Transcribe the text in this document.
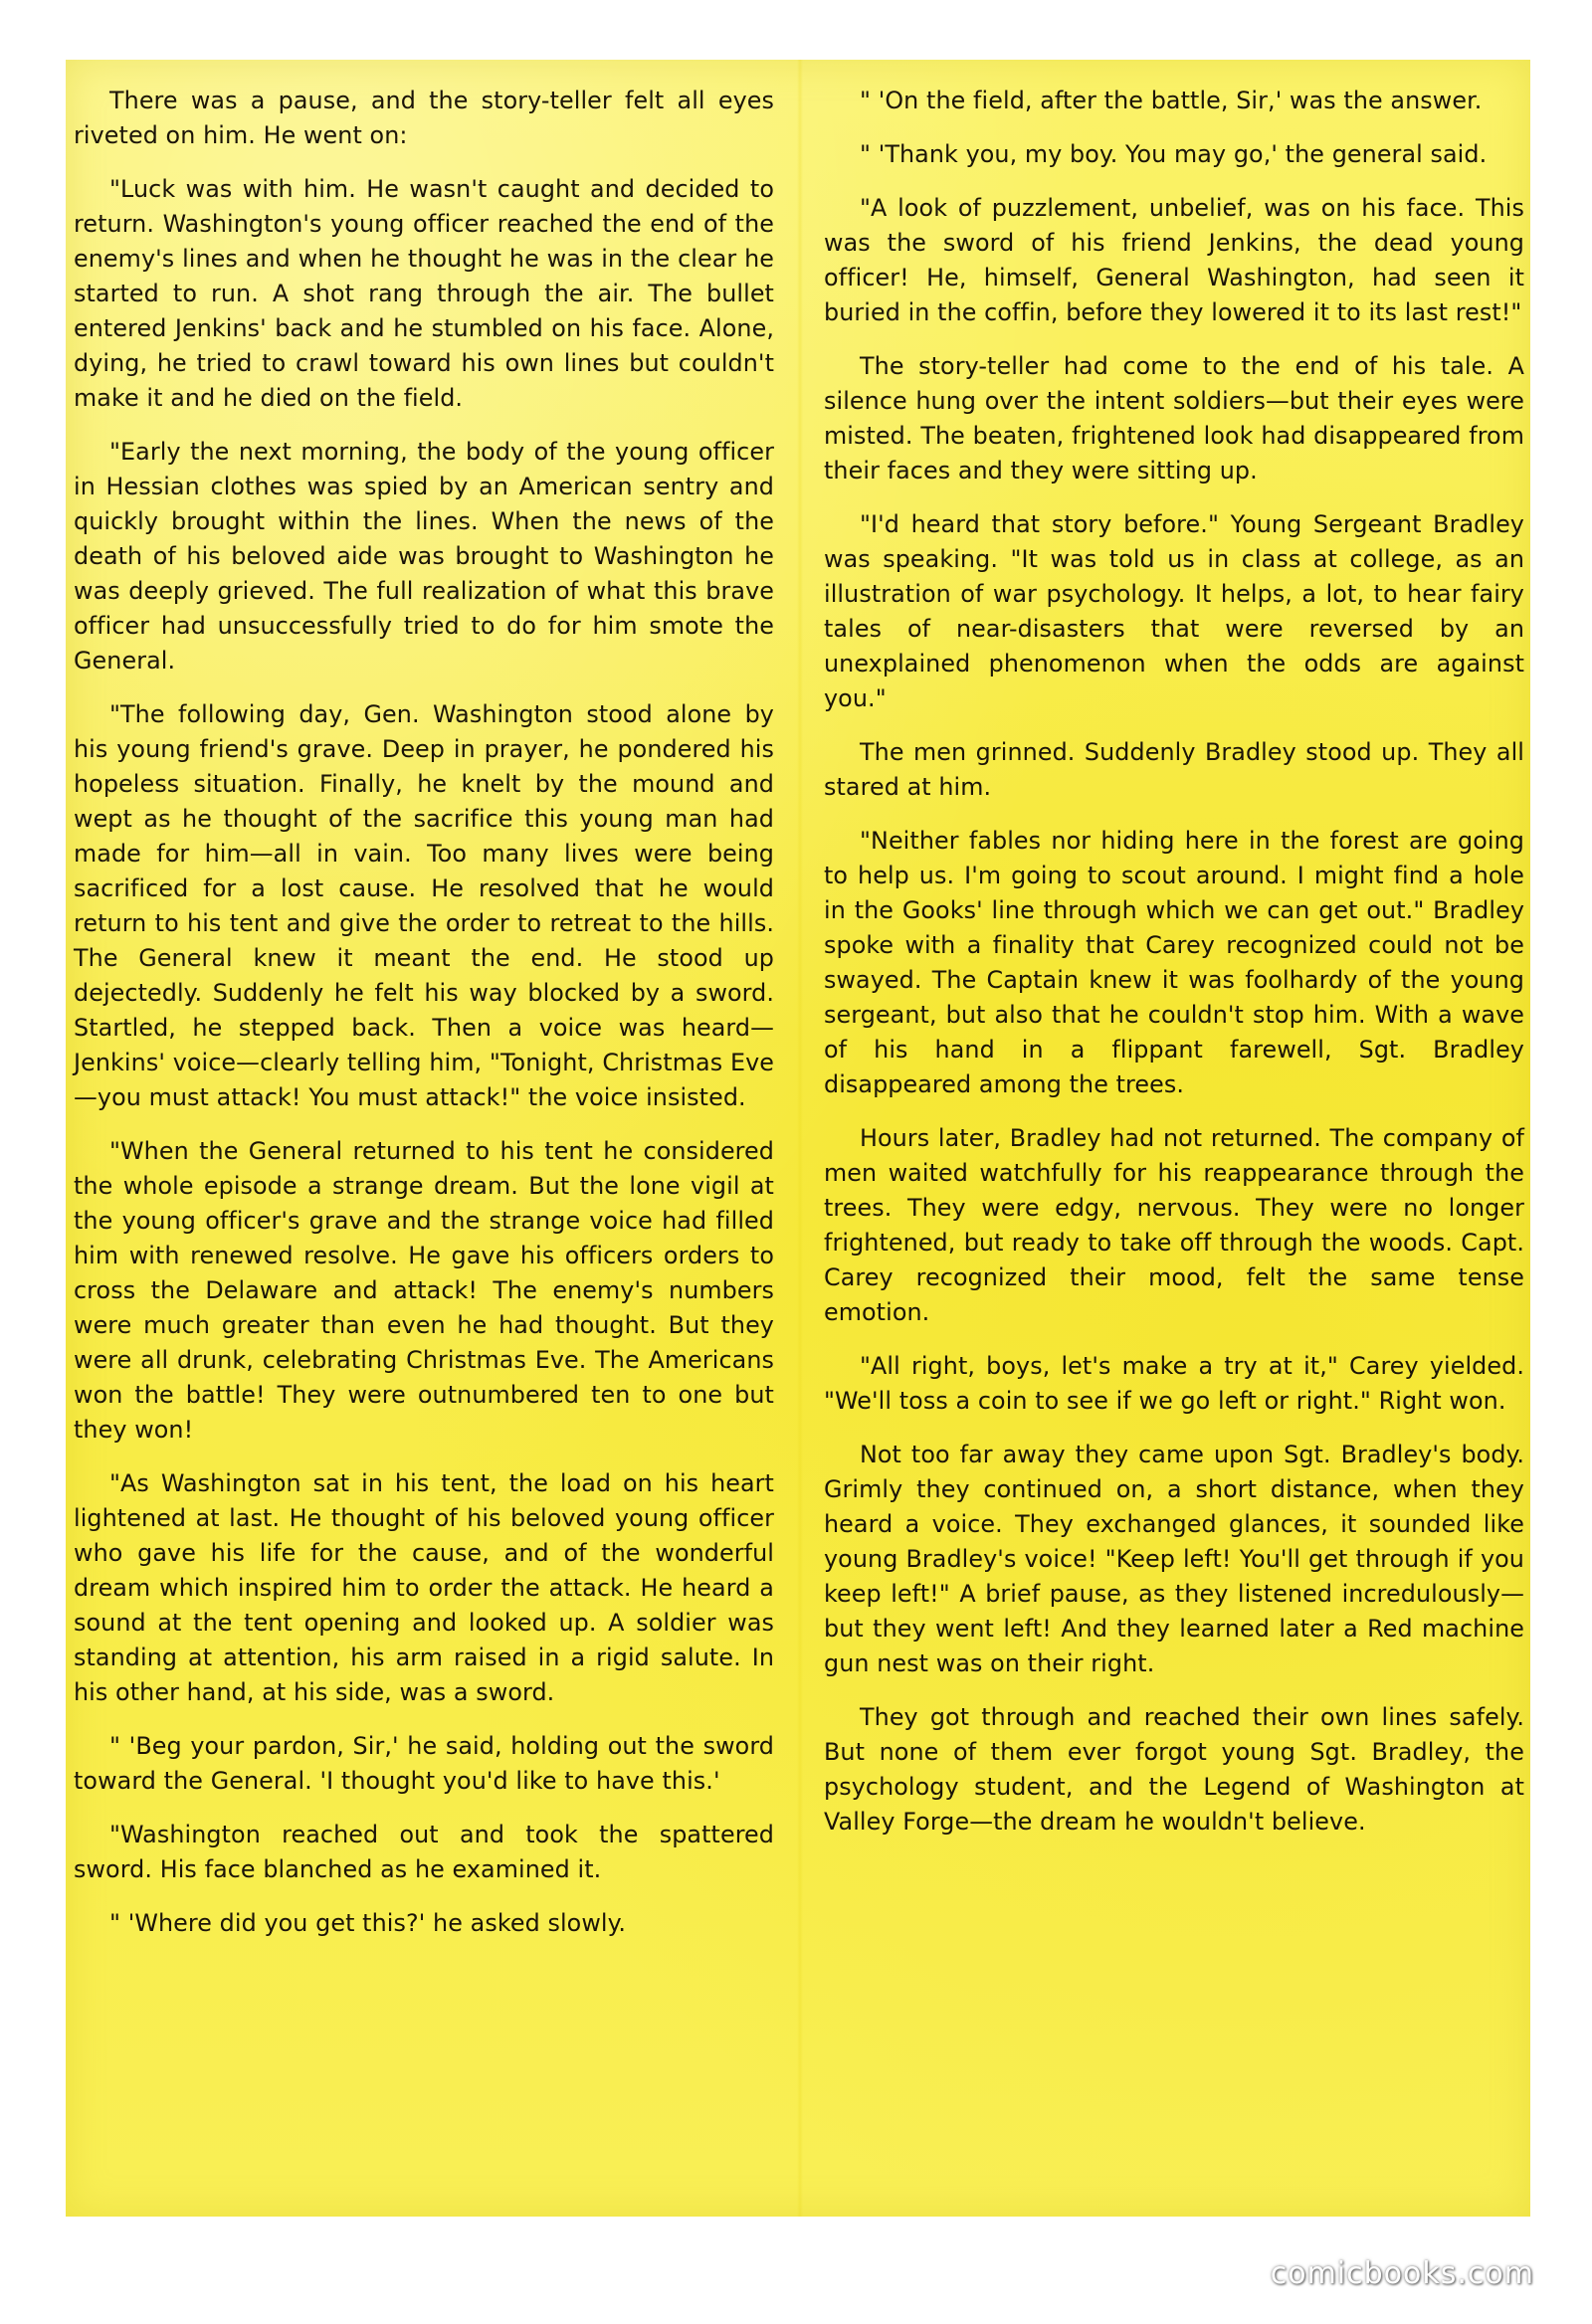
There was a pause, and the story-teller felt all eyes riveted on him. He went on:

"Luck was with him. He wasn't caught and decided to return. Washington's young officer reached the end of the enemy's lines and when he thought he was in the clear he started to run. A shot rang through the air. The bullet entered Jenkins' back and he stumbled on his face. Alone, dying, he tried to crawl toward his own lines but couldn't make it and he died on the field.

"Early the next morning, the body of the young officer in Hessian clothes was spied by an American sentry and quickly brought within the lines. When the news of the death of his beloved aide was brought to Washington he was deeply grieved. The full realization of what this brave officer had unsuccessfully tried to do for him smote the General.

"The following day, Gen. Washington stood alone by his young friend's grave. Deep in prayer, he pondered his hopeless situation. Finally, he knelt by the mound and wept as he thought of the sacrifice this young man had made for him—all in vain. Too many lives were being sacrificed for a lost cause. He resolved that he would return to his tent and give the order to retreat to the hills. The General knew it meant the end. He stood up dejectedly. Suddenly he felt his way blocked by a sword. Startled, he stepped back. Then a voice was heard—Jenkins' voice—clearly telling him, "Tonight, Christmas Eve—you must attack! You must attack!" the voice insisted.

"When the General returned to his tent he considered the whole episode a strange dream. But the lone vigil at the young officer's grave and the strange voice had filled him with renewed resolve. He gave his officers orders to cross the Delaware and attack! The enemy's numbers were much greater than even he had thought. But they were all drunk, celebrating Christmas Eve. The Americans won the battle! They were outnumbered ten to one but they won!

"As Washington sat in his tent, the load on his heart lightened at last. He thought of his beloved young officer who gave his life for the cause, and of the wonderful dream which inspired him to order the attack. He heard a sound at the tent opening and looked up. A soldier was standing at attention, his arm raised in a rigid salute. In his other hand, at his side, was a sword.

" 'Beg your pardon, Sir,' he said, holding out the sword toward the General. 'I thought you'd like to have this.'

"Washington reached out and took the spattered sword. His face blanched as he examined it.

" 'Where did you get this?' he asked slowly.

" 'On the field, after the battle, Sir,' was the answer.

" 'Thank you, my boy. You may go,' the general said.

"A look of puzzlement, unbelief, was on his face. This was the sword of his friend Jenkins, the dead young officer! He, himself, General Washington, had seen it buried in the coffin, before they lowered it to its last rest!"

The story-teller had come to the end of his tale. A silence hung over the intent soldiers—but their eyes were misted. The beaten, frightened look had disappeared from their faces and they were sitting up.

"I'd heard that story before." Young Sergeant Bradley was speaking. "It was told us in class at college, as an illustration of war psychology. It helps, a lot, to hear fairy tales of near-disasters that were reversed by an unexplained phenomenon when the odds are against you."

The men grinned. Suddenly Bradley stood up. They all stared at him.

"Neither fables nor hiding here in the forest are going to help us. I'm going to scout around. I might find a hole in the Gooks' line through which we can get out." Bradley spoke with a finality that Carey recognized could not be swayed. The Captain knew it was foolhardy of the young sergeant, but also that he couldn't stop him. With a wave of his hand in a flippant farewell, Sgt. Bradley disappeared among the trees.

Hours later, Bradley had not returned. The company of men waited watchfully for his reappearance through the trees. They were edgy, nervous. They were no longer frightened, but ready to take off through the woods. Capt. Carey recognized their mood, felt the same tense emotion.

"All right, boys, let's make a try at it," Carey yielded. "We'll toss a coin to see if we go left or right." Right won.

Not too far away they came upon Sgt. Bradley's body. Grimly they continued on, a short distance, when they heard a voice. They exchanged glances, it sounded like young Bradley's voice! "Keep left! You'll get through if you keep left!" A brief pause, as they listened incredulously—but they went left! And they learned later a Red machine gun nest was on their right.

They got through and reached their own lines safely. But none of them ever forgot young Sgt. Bradley, the psychology student, and the Legend of Washington at Valley Forge—the dream he wouldn't believe.

comicbooks.com
